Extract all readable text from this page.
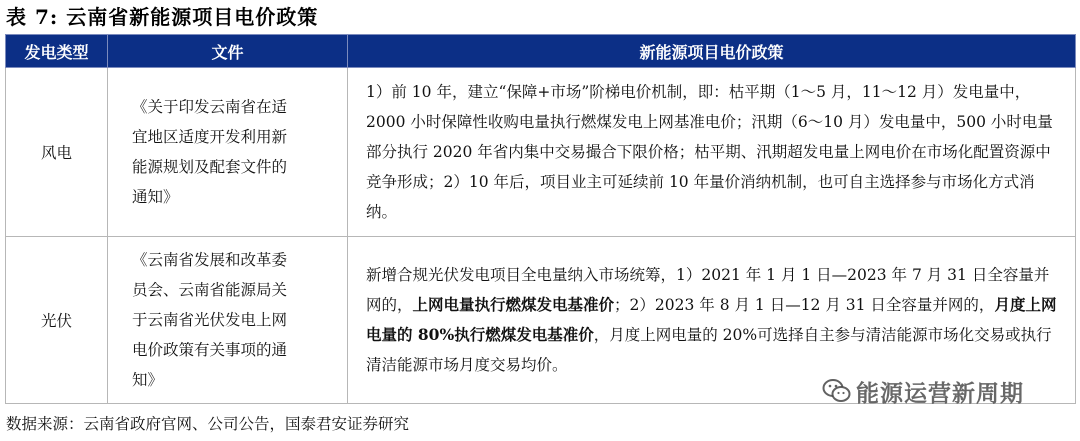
表 7: 云南省新能源项目电价政策
发电类型	文件	新能源项目电价政策
风电	《关于印发云南省在适
宜地区适度开发利用新
能源规划及配套文件的
通知》	1）前 10 年，建立“保障+市场”阶梯电价机制，即：枯平期（1～5 月，11～12 月）发电量中，2000 小时保障性收购电量执行燃煤发电上网基准电价；汛期（6～10 月）发电量中，500 小时电量部分执行 2020 年省内集中交易撮合下限价格；枯平期、汛期超发电量上网电价在市场化配置资源中竞争形成；2）10 年后，项目业主可延续前 10 年量价消纳机制，也可自主选择参与市场化方式消纳。
光伏	《云南省发展和改革委
员会、云南省能源局关
于云南省光伏发电上网
电价政策有关事项的通
知》	新增合规光伏发电项目全电量纳入市场统筹，1）2021 年 1 月 1 日—2023 年 7 月 31 日全容量并网的，上网电量执行燃煤发电基准价；2）2023 年 8 月 1 日—12 月 31 日全容量并网的，月度上网电量的 80%执行燃煤发电基准价，月度上网电量的 20%可选择自主参与清洁能源市场化交易或执行清洁能源市场月度交易均价。
数据来源：云南省政府官网、公司公告，国泰君安证券研究
能源运营新周期
